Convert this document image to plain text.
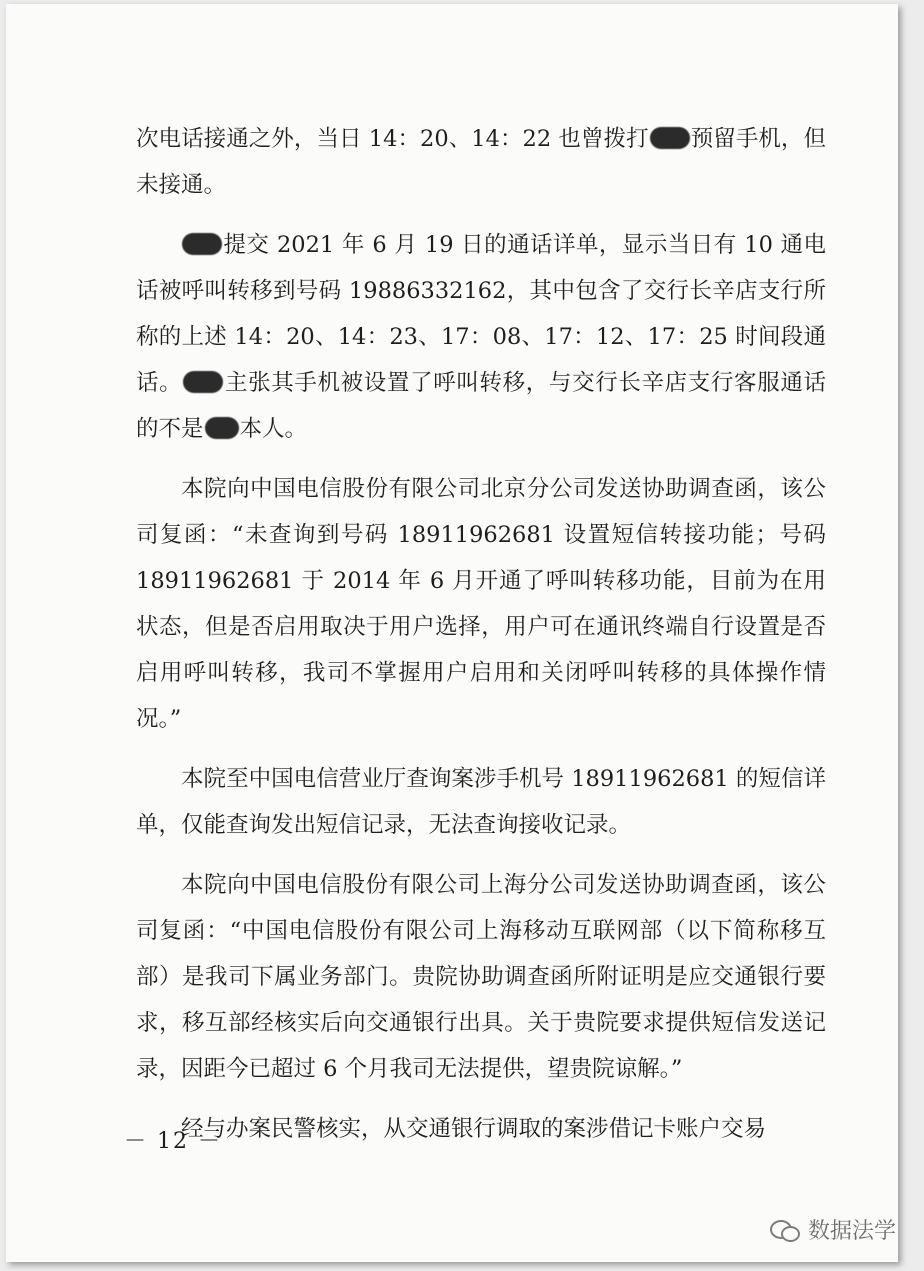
次电话接通之外，当日 14：20、14：22 也曾拨打 预留手机，但未接通。

提交 2021 年 6 月 19 日的通话详单，显示当日有 10 通电话被呼叫转移到号码 19886332162，其中包含了交行长辛店支行所称的上述 14：20、14：23、17：08、17：12、17：25 时间段通话。 主张其手机被设置了呼叫转移，与交行长辛店支行客服通话的不是 本人。

本院向中国电信股份有限公司北京分公司发送协助调查函，该公司复函：“未查询到号码 18911962681 设置短信转接功能；号码 18911962681 于 2014 年 6 月开通了呼叫转移功能，目前为在用状态，但是否启用取决于用户选择，用户可在通讯终端自行设置是否启用呼叫转移，我司不掌握用户启用和关闭呼叫转移的具体操作情况。”

本院至中国电信营业厅查询案涉手机号 18911962681 的短信详单，仅能查询发出短信记录，无法查询接收记录。

本院向中国电信股份有限公司上海分公司发送协助调查函，该公司复函：“中国电信股份有限公司上海移动互联网部（以下简称移互部）是我司下属业务部门。贵院协助调查函所附证明是应交通银行要求，移互部经核实后向交通银行出具。关于贵院要求提供短信发送记录，因距今已超过 6 个月我司无法提供，望贵院谅解。”

经与办案民警核实，从交通银行调取的案涉借记卡账户交易

－ 12 －
数据法学
